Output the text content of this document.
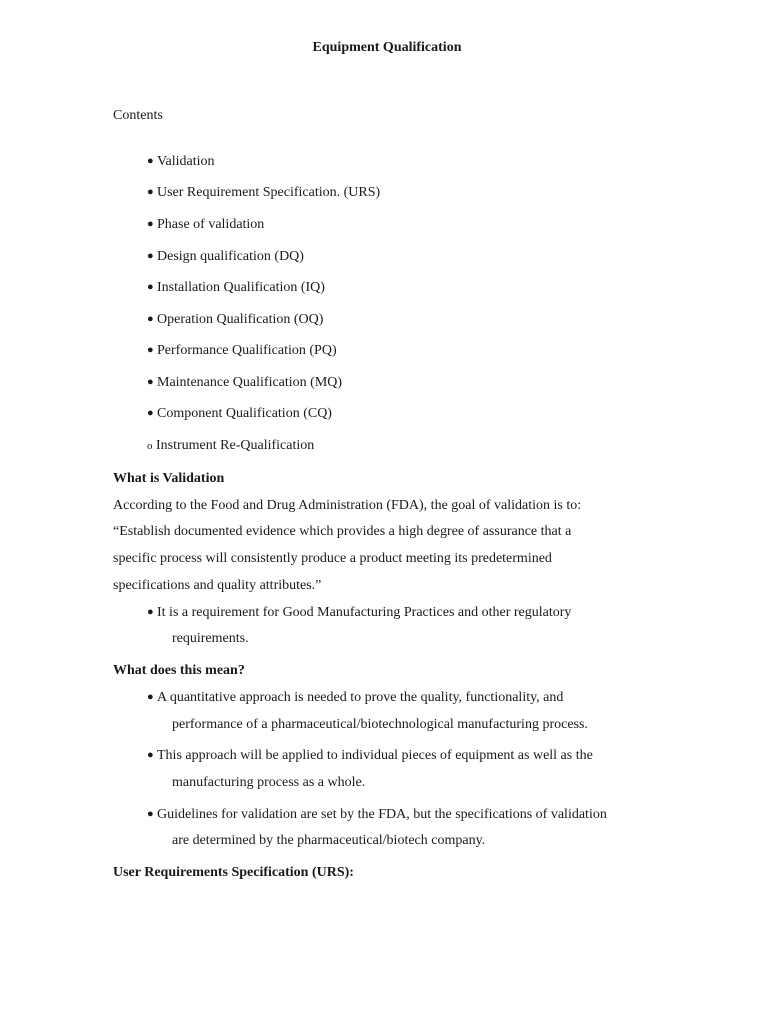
Equipment Qualification
Contents
● Validation
● User Requirement Specification. (URS)
● Phase of validation
● Design qualification (DQ)
● Installation Qualification (IQ)
● Operation Qualification (OQ)
● Performance Qualification (PQ)
● Maintenance Qualification (MQ)
● Component Qualification (CQ)
o Instrument Re-Qualification
What is Validation
According to the Food and Drug Administration (FDA), the goal of validation is to:
“Establish documented evidence which provides a high degree of assurance that a
specific process will consistently produce a product meeting its predetermined
specifications and quality attributes.”
● It is a requirement for Good Manufacturing Practices and other regulatory
requirements.
What does this mean?
● A quantitative approach is needed to prove the quality, functionality, and
performance of a pharmaceutical/biotechnological manufacturing process.
● This approach will be applied to individual pieces of equipment as well as the
manufacturing process as a whole.
● Guidelines for validation are set by the FDA, but the specifications of validation
are determined by the pharmaceutical/biotech company.
User Requirements Specification (URS):
